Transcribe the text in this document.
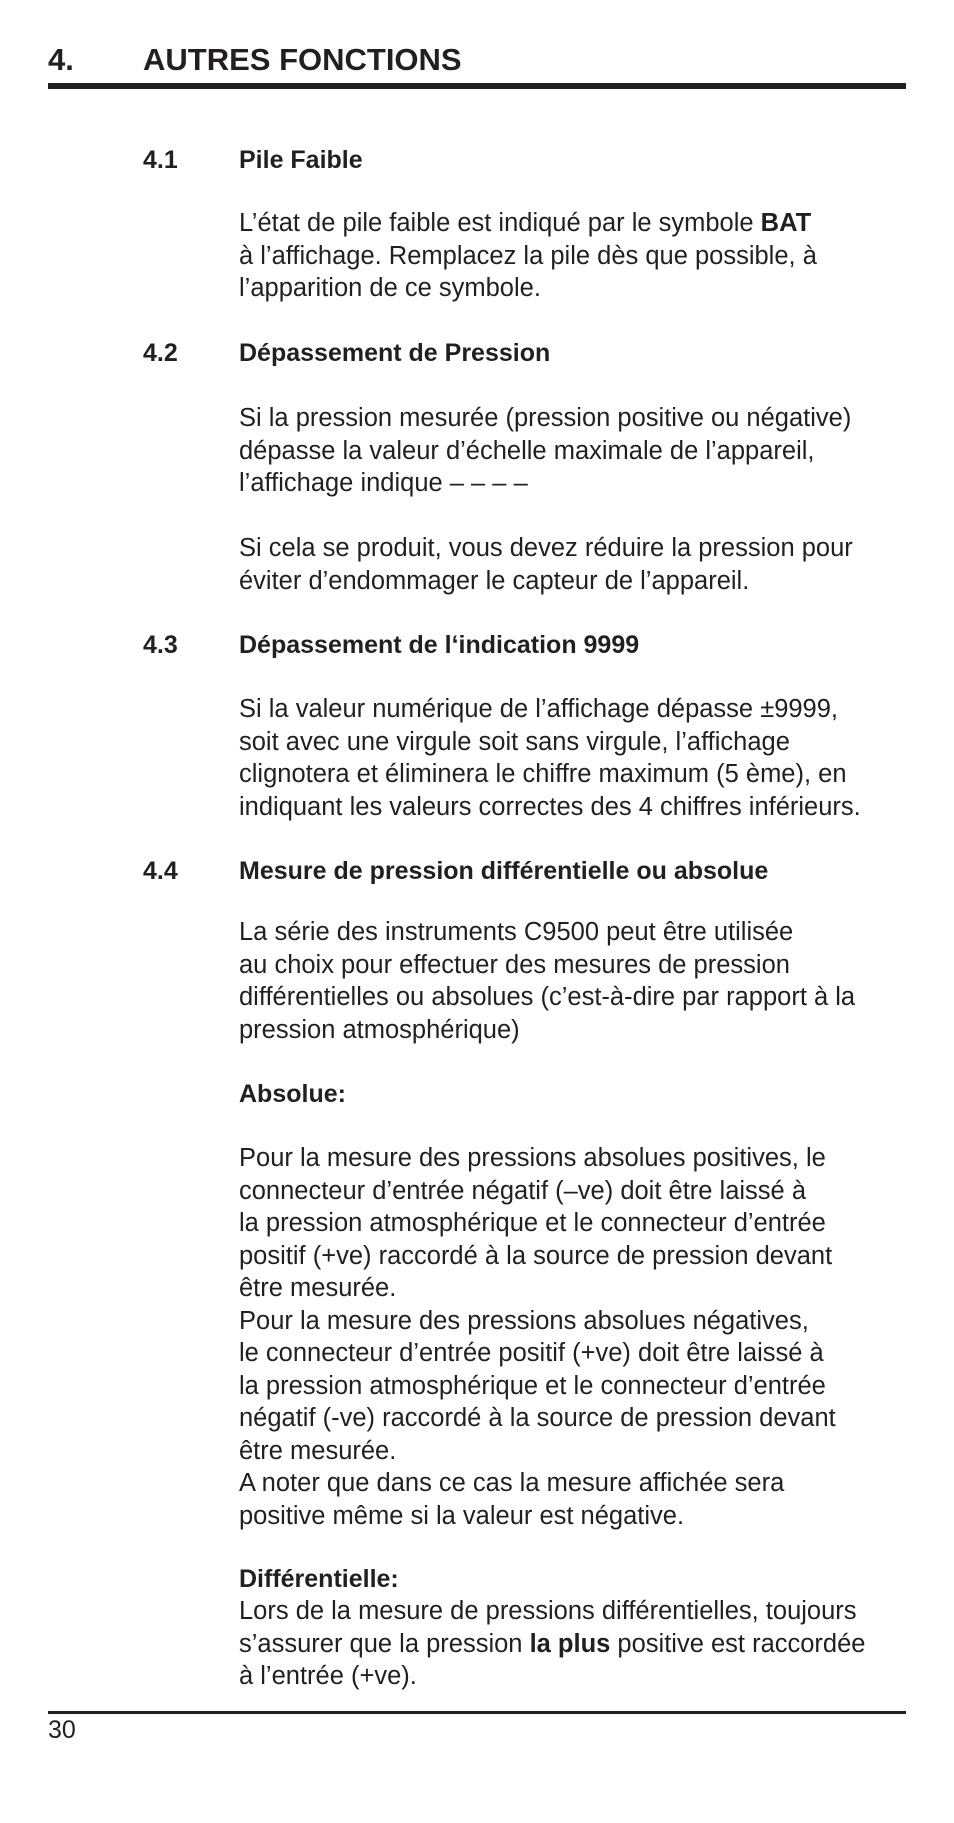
4. AUTRES FONCTIONS
4.1 Pile Faible
L’état de pile faible est indiqué par le symbole BAT
à l’affichage. Remplacez la pile dès que possible, à
l’apparition de ce symbole.
4.2 Dépassement de Pression
Si la pression mesurée (pression positive ou négative)
dépasse la valeur d’échelle maximale de l’appareil,
l’affichage indique – – – –
Si cela se produit, vous devez réduire la pression pour
éviter d’endommager le capteur de l’appareil.
4.3 Dépassement de l‘indication 9999
Si la valeur numérique de l’affichage dépasse ±9999,
soit avec une virgule soit sans virgule, l’affichage
clignotera et éliminera le chiffre maximum (5 ème), en
indiquant les valeurs correctes des 4 chiffres inférieurs.
4.4 Mesure de pression différentielle ou absolue
La série des instruments C9500 peut être utilisée
au choix pour effectuer des mesures de pression
différentielles ou absolues (c’est-à-dire par rapport à la
pression atmosphérique)
Absolue:
Pour la mesure des pressions absolues positives, le
connecteur d’entrée négatif (–ve) doit être laissé à
la pression atmosphérique et le connecteur d’entrée
positif (+ve) raccordé à la source de pression devant
être mesurée.
Pour la mesure des pressions absolues négatives,
le connecteur d’entrée positif (+ve) doit être laissé à
la pression atmosphérique et le connecteur d’entrée
négatif (-ve) raccordé à la source de pression devant
être mesurée.
A noter que dans ce cas la mesure affichée sera
positive même si la valeur est négative.
Différentielle:
Lors de la mesure de pressions différentielles, toujours
s’assurer que la pression la plus positive est raccordée
à l’entrée (+ve).
30
